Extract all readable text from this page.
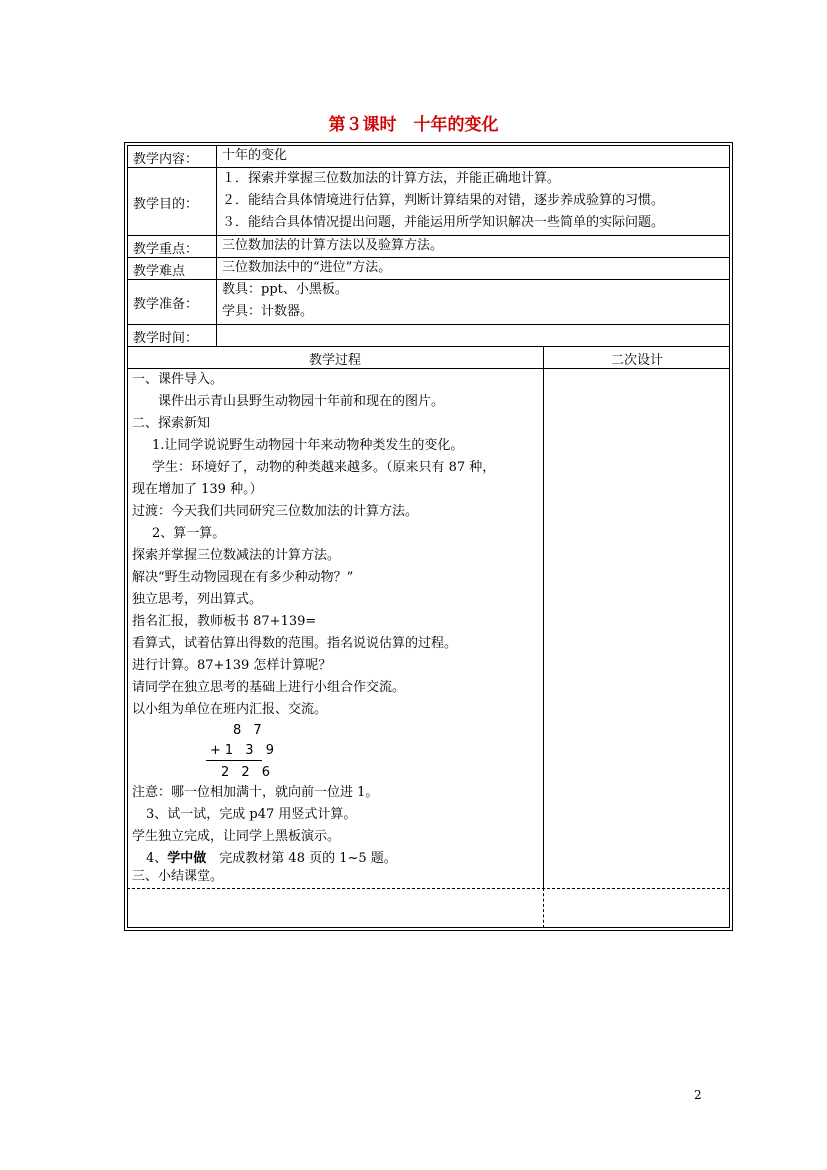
第３课时　十年的变化
教学内容： 十年的变化
教学目的：
１．探索并掌握三位数加法的计算方法，并能正确地计算。
２．能结合具体情境进行估算，判断计算结果的对错，逐步养成验算的习惯。
３．能结合具体情况提出问题，并能运用所学知识解决一些简单的实际问题。
教学重点： 三位数加法的计算方法以及验算方法。
教学难点	三位数加法中的“进位”方法。
教学准备：
教具：ppt、小黑板。
学具：计数器。
教学时间：
教学过程	二次设计
一、课件导入。
课件出示青山县野生动物园十年前和现在的图片。
二、探索新知
1.让同学说说野生动物园十年来动物种类发生的变化。
学生：环境好了，动物的种类越来越多。（原来只有 87 种，
现在增加了 139 种。）
过渡：今天我们共同研究三位数加法的计算方法。
2、算一算。
探索并掌握三位数减法的计算方法。
解决“野生动物园现在有多少种动物？”
独立思考，列出算式。
指名汇报，教师板书 87+139=
看算式，试着估算出得数的范围。指名说说估算的过程。
进行计算。87+139 怎样计算呢？
请同学在独立思考的基础上进行小组合作交流。
以小组为单位在班内汇报、交流。
8 7
+1 3 9
2 2 6
注意：哪一位相加满十，就向前一位进 1。
3、试一试，完成 p47 用竖式计算。
学生独立完成，让同学上黑板演示。
4、学中做　完成教材第 48 页的 1~5 题。
三、小结课堂。
2
